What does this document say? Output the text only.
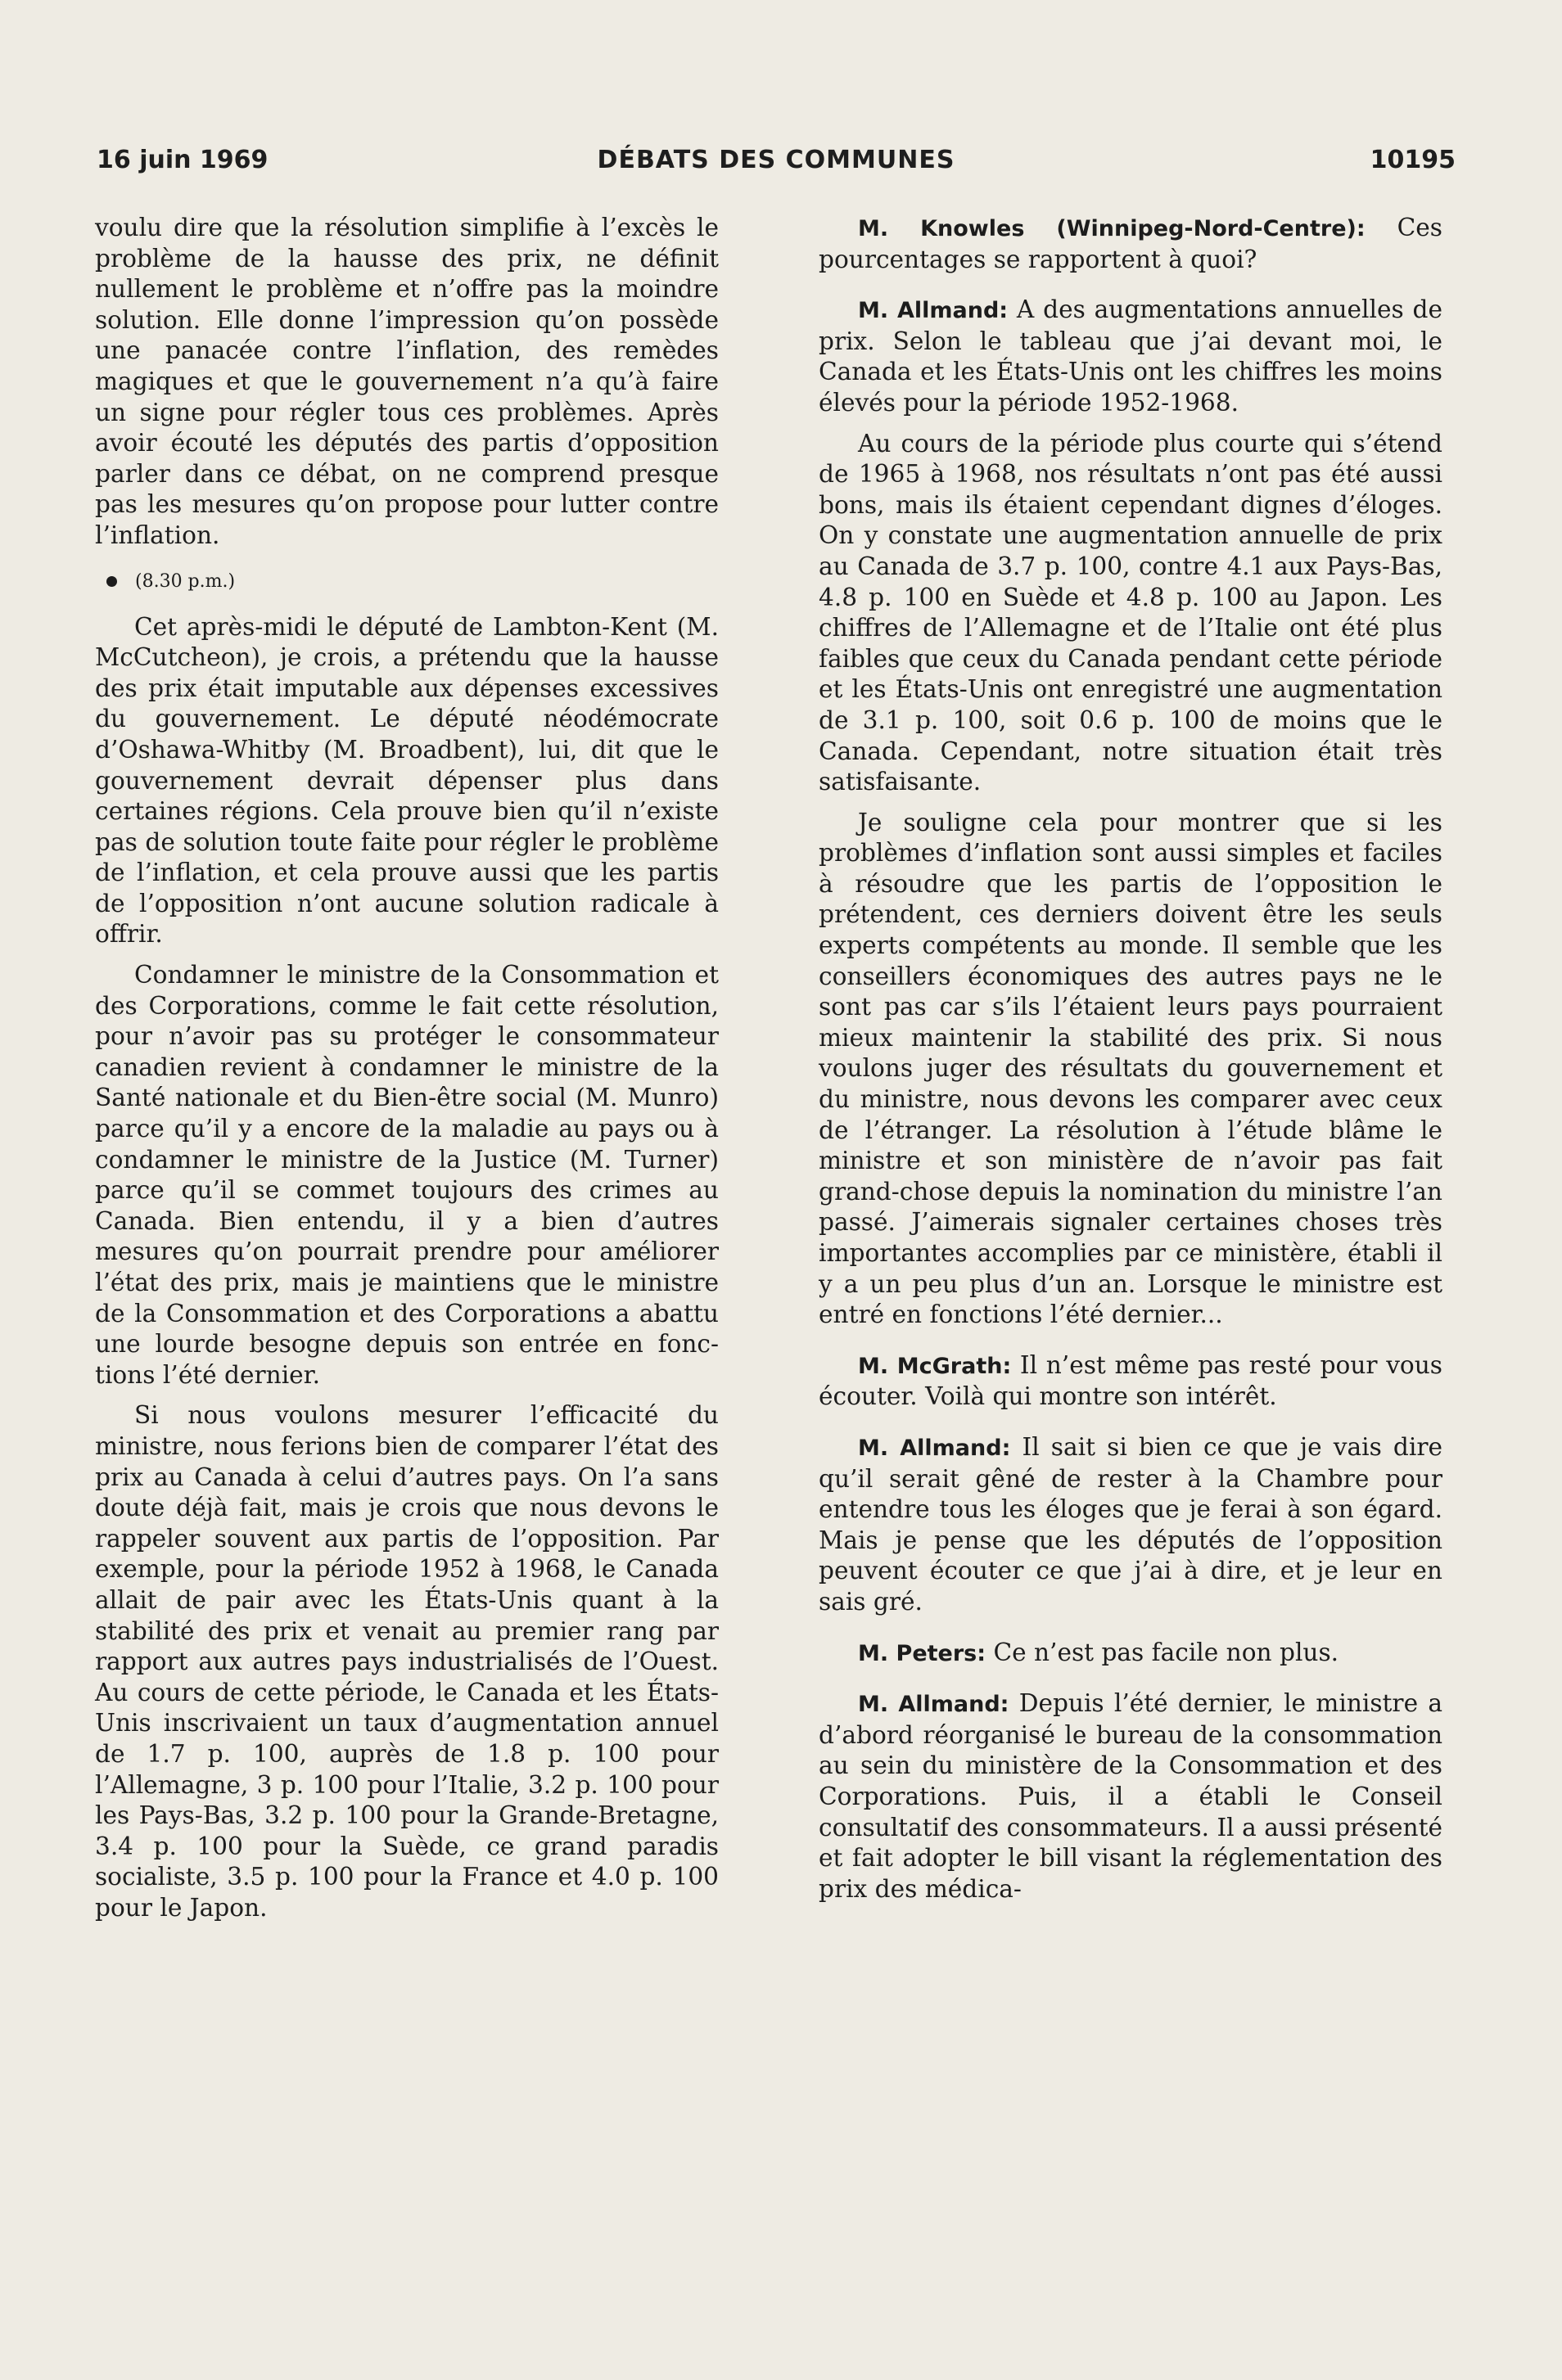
16 juin 1969	DÉBATS DES COMMUNES	10195

voulu dire que la résolution simplifie à l’excès le problème de la hausse des prix, ne définit nullement le problème et n’offre pas la moindre solution. Elle donne l’impression qu’on possède une panacée contre l’inflation, des remèdes magiques et que le gouvernement n’a qu’à faire un signe pour régler tous ces problèmes. Après avoir écouté les députés des partis d’opposition parler dans ce débat, on ne comprend presque pas les mesures qu’on propose pour lutter contre l’inflation.

(8.30 p.m.)

Cet après-midi le député de Lambton-Kent (M. McCutcheon), je crois, a prétendu que la hausse des prix était imputable aux dépenses excessives du gouvernement. Le député néodémocrate d’Oshawa-Whitby (M. Broadbent), lui, dit que le gouvernement devrait dépenser plus dans certaines régions. Cela prouve bien qu’il n’existe pas de solution toute faite pour régler le problème de l’inflation, et cela prouve aussi que les partis de l’opposition n’ont aucune solution radicale à offrir.

Condamner le ministre de la Consommation et des Corporations, comme le fait cette résolution, pour n’avoir pas su protéger le consommateur canadien revient à condamner le ministre de la Santé nationale et du Bien-être social (M. Munro) parce qu’il y a encore de la maladie au pays ou à condamner le ministre de la Justice (M. Turner) parce qu’il se commet toujours des crimes au Canada. Bien entendu, il y a bien d’autres mesures qu’on pourrait prendre pour améliorer l’état des prix, mais je maintiens que le ministre de la Consommation et des Corporations a abattu une lourde besogne depuis son entrée en fonctions l’été dernier.

Si nous voulons mesurer l’efficacité du ministre, nous ferions bien de comparer l’état des prix au Canada à celui d’autres pays. On l’a sans doute déjà fait, mais je crois que nous devons le rappeler souvent aux partis de l’opposition. Par exemple, pour la période 1952 à 1968, le Canada allait de pair avec les États-Unis quant à la stabilité des prix et venait au premier rang par rapport aux autres pays industrialisés de l’Ouest. Au cours de cette période, le Canada et les États-Unis inscrivaient un taux d’augmentation annuel de 1.7 p. 100, auprès de 1.8 p. 100 pour l’Allemagne, 3 p. 100 pour l’Italie, 3.2 p. 100 pour les Pays-Bas, 3.2 p. 100 pour la Grande-Bretagne, 3.4 p. 100 pour la Suède, ce grand paradis socialiste, 3.5 p. 100 pour la France et 4.0 p. 100 pour le Japon.

M. Knowles (Winnipeg-Nord-Centre): Ces pourcentages se rapportent à quoi?

M. Allmand: A des augmentations annuelles de prix. Selon le tableau que j’ai devant moi, le Canada et les États-Unis ont les chiffres les moins élevés pour la période 1952-1968.

Au cours de la période plus courte qui s’étend de 1965 à 1968, nos résultats n’ont pas été aussi bons, mais ils étaient cependant dignes d’éloges. On y constate une augmentation annuelle de prix au Canada de 3.7 p. 100, contre 4.1 aux Pays-Bas, 4.8 p. 100 en Suède et 4.8 p. 100 au Japon. Les chiffres de l’Allemagne et de l’Italie ont été plus faibles que ceux du Canada pendant cette période et les États-Unis ont enregistré une augmentation de 3.1 p. 100, soit 0.6 p. 100 de moins que le Canada. Cependant, notre situation était très satisfaisante.

Je souligne cela pour montrer que si les problèmes d’inflation sont aussi simples et faciles à résoudre que les partis de l’opposition le prétendent, ces derniers doivent être les seuls experts compétents au monde. Il semble que les conseillers économiques des autres pays ne le sont pas car s’ils l’étaient leurs pays pourraient mieux maintenir la stabilité des prix. Si nous voulons juger des résultats du gouvernement et du ministre, nous devons les comparer avec ceux de l’étranger. La résolution à l’étude blâme le ministre et son ministère de n’avoir pas fait grand-chose depuis la nomination du ministre l’an passé. J’aimerais signaler certaines choses très importantes accomplies par ce ministère, établi il y a un peu plus d’un an. Lorsque le ministre est entré en fonctions l’été dernier...

M. McGrath: Il n’est même pas resté pour vous écouter. Voilà qui montre son intérêt.

M. Allmand: Il sait si bien ce que je vais dire qu’il serait gêné de rester à la Chambre pour entendre tous les éloges que je ferai à son égard. Mais je pense que les députés de l’opposition peuvent écouter ce que j’ai à dire, et je leur en sais gré.

M. Peters: Ce n’est pas facile non plus.

M. Allmand: Depuis l’été dernier, le ministre a d’abord réorganisé le bureau de la consommation au sein du ministère de la Consommation et des Corporations. Puis, il a établi le Conseil consultatif des consommateurs. Il a aussi présenté et fait adopter le bill visant la réglementation des prix des médica-
